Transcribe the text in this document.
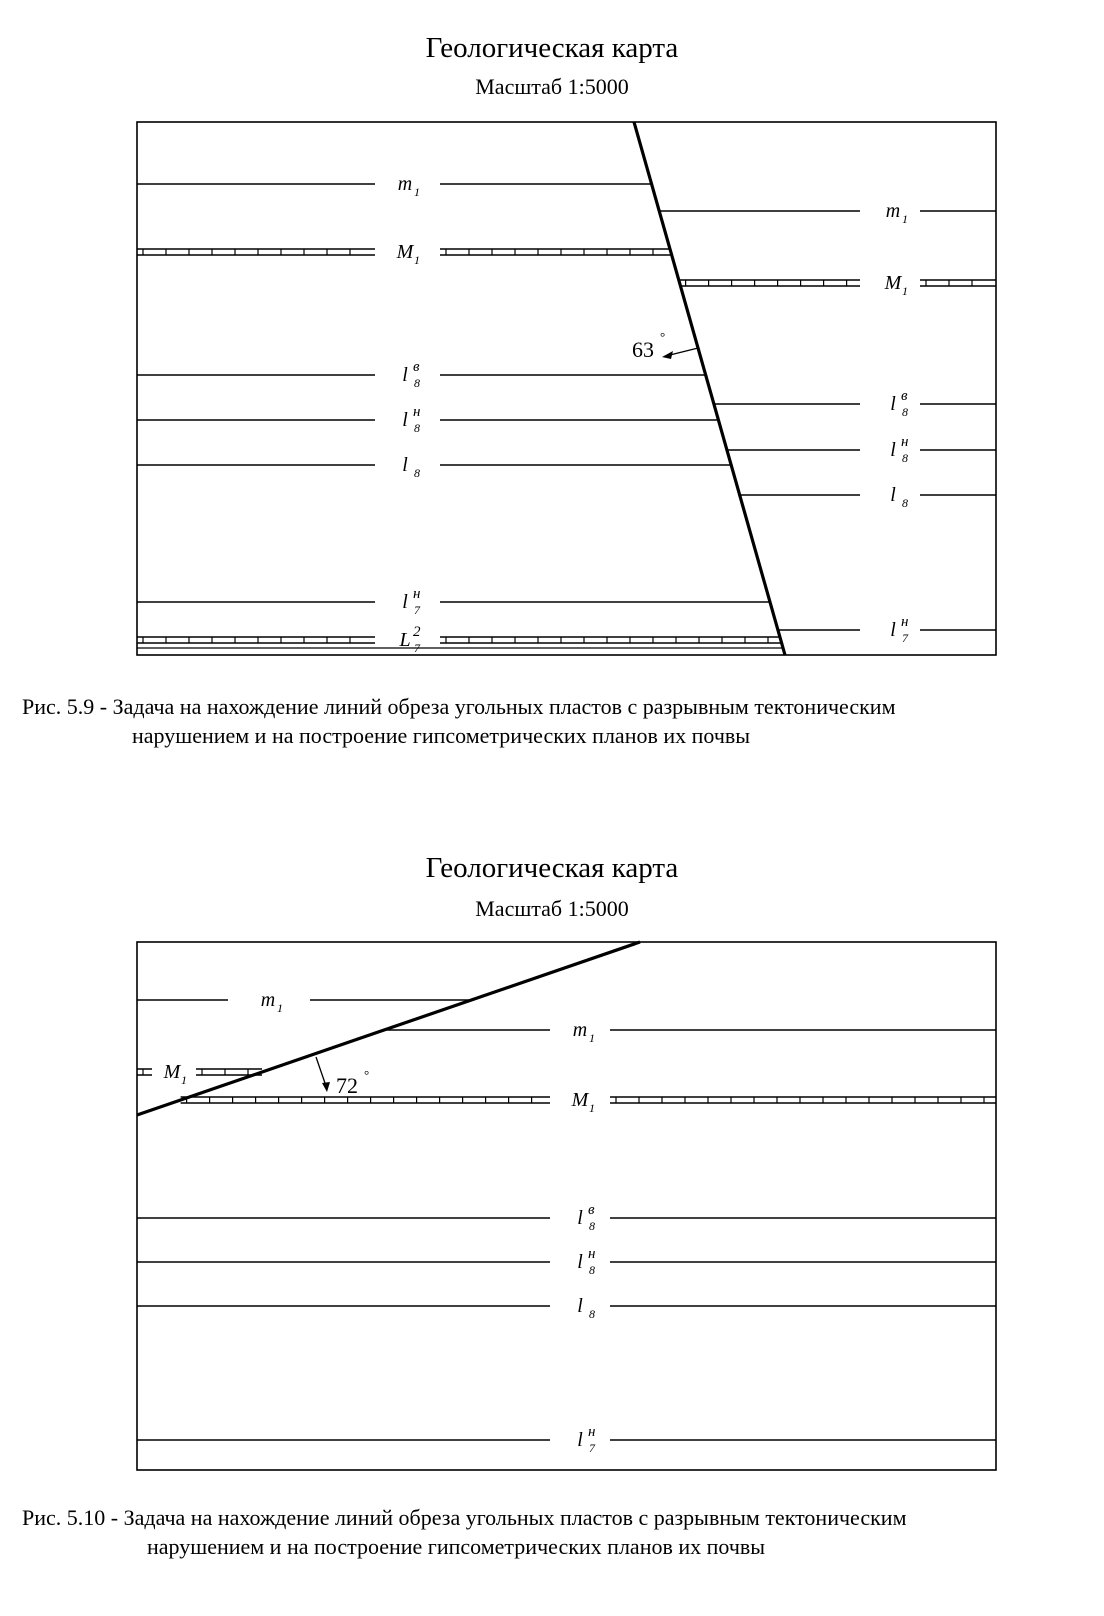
Геологическая карта
Масштаб 1:5000
m 1
M 1
l 8
в
l 8
н
l 8
l 7
н
L 7
2
m 1
M 1
l 8
в
l 8
н
l 8
l 7
н
63
°
Рис. 5.9 - Задача на нахождение линий обреза угольных пластов с разрывным тектоническим
нарушением и на построение гипсометрических планов их почвы
Геологическая карта
Масштаб 1:5000
m 1
M 1
m 1
M 1
l 8
в
l 8
н
l 8
l 7
н
72 °
Рис. 5.10 - Задача на нахождение линий обреза угольных пластов с разрывным тектоническим
нарушением и на построение гипсометрических планов их почвы
